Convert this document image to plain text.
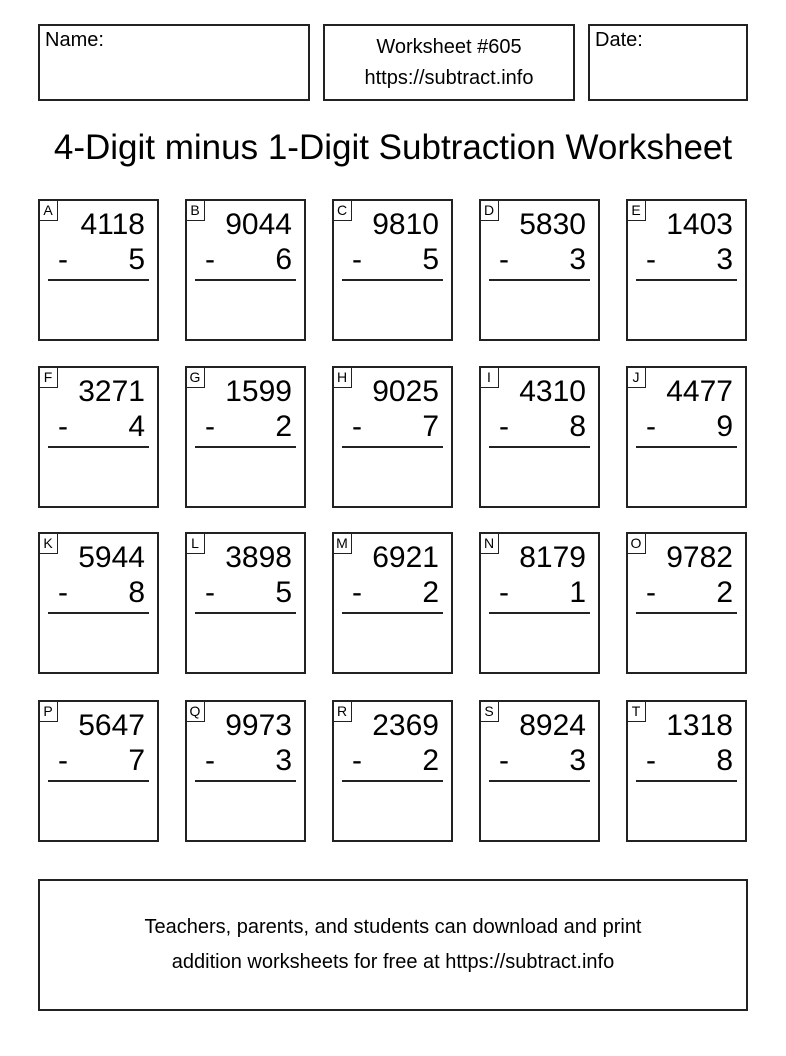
Name:	Worksheet #605
https://subtract.info
Date:
4-Digit minus 1-Digit Subtraction Worksheet
A 4118
- 5
B 9044
- 6
C 9810
- 5
D 5830
- 3
E 1403
- 3
F 3271
- 4
G 1599
- 2
H 9025
- 7
I 4310
- 8
J 4477
- 9
K 5944
- 8
L 3898
- 5
M 6921
- 2
N 8179
- 1
O 9782
- 2
P 5647
- 7
Q 9973
- 3
R 2369
- 2
S 8924
- 3
T 1318
- 8
Teachers, parents, and students can download and print
addition worksheets for free at https://subtract.info
